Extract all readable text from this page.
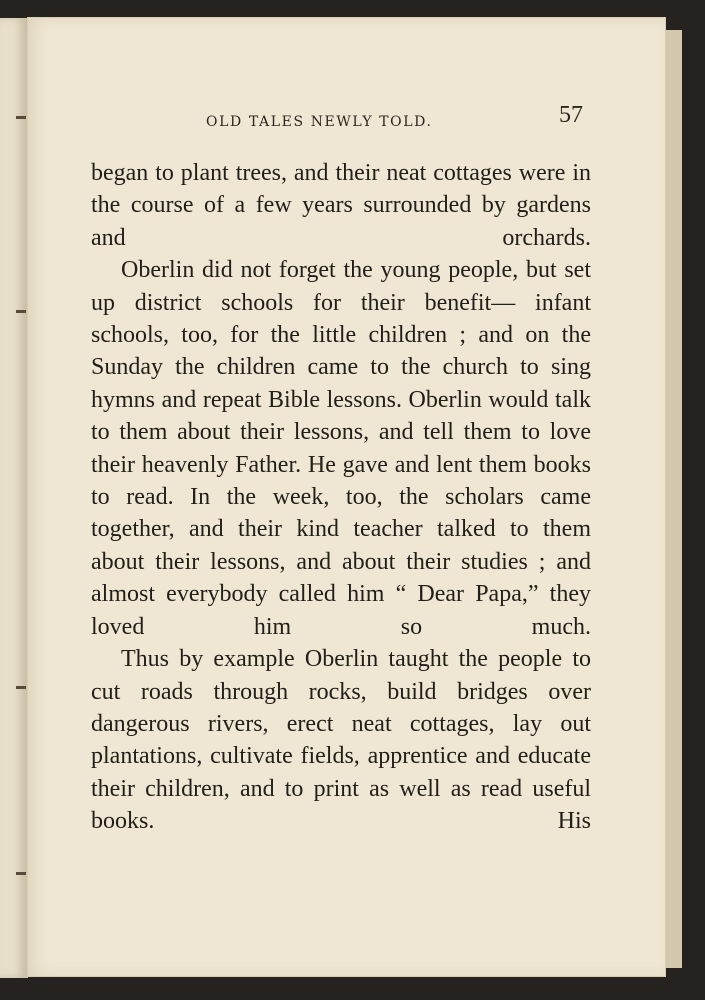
OLD TALES NEWLY TOLD.	57

began to plant trees, and their neat cottages were in the course of a few years surrounded by gardens and orchards.

Oberlin did not forget the young people, but set up district schools for their benefit— infant schools, too, for the little children ; and on the Sunday the children came to the church to sing hymns and repeat Bible lessons. Oberlin would talk to them about their lessons, and tell them to love their heavenly Father. He gave and lent them books to read. In the week, too, the scholars came together, and their kind teacher talked to them about their lessons, and about their studies ; and almost everybody called him “ Dear Papa,” they loved him so much.

Thus by example Oberlin taught the people to cut roads through rocks, build bridges over dangerous rivers, erect neat cottages, lay out plantations, cultivate fields, apprentice and educate their children, and to print as well as read useful books. His
